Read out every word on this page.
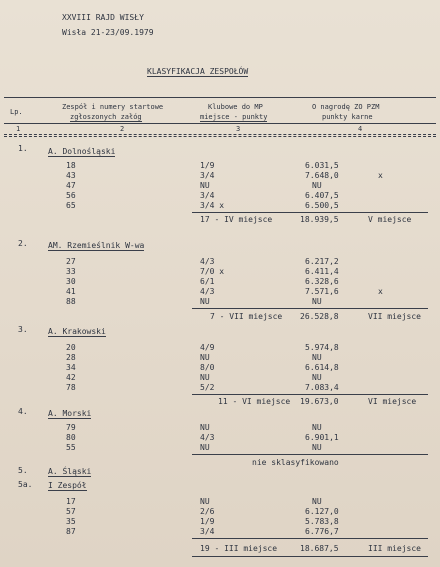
XXVIII RAJD WISŁY
Wisła 21-23/09.1979
KLASYFIKACJA ZESPOŁÓW
Lp.
Zespół i numery startowe
zgłoszonych załóg
Klubowe do MP
miejsce - punkty
O nagrodę ZO PZM
punkty karne
1	2	3	4
1.	A. Dolnośląski
18	1/9	6.031,5
43	3/4	7.648,0	x
47	NU	NU
56	3/4	6.407,5
65	3/4 x	6.500,5
17 - IV miejsce	18.939,5	V miejsce
2.	AM. Rzemieślnik W-wa
27	4/3	6.217,2
33	7/0 x	6.411,4
30	6/1	6.328,6
41	4/3	7.571,6	x
88	NU	NU
7 - VII miejsce 26.528,8	VII miejsce
3.	A. Krakowski
20	4/9	5.974,8
28	NU	NU
34	8/0	6.614,8
42	NU	NU
78	5/2	7.083,4
11 - VI miejsce 19.673,0	VI miejsce
4.	A. Morski
79	NU	NU
80	4/3	6.901,1
55	NU	NU
nie sklasyfikowano
5.	A. Śląski
5a. I Zespół
17	NU	NU
57	2/6	6.127,0
35	1/9	5.783,8
87	3/4	6.776,7
19 - III miejsce	18.687,5	III miejsce
